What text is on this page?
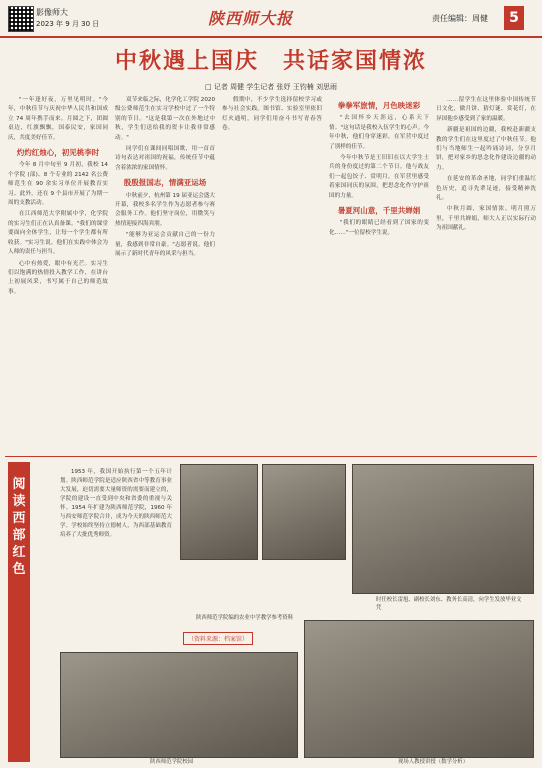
影像师大
2023 年 9 月 30 日	陕西师大报	责任编辑：周健	5
中秋遇上国庆　共话家国情浓
□ 记者 周健 学生记者 张妤 王钧楠 刘思雨

"一年逢好夜，万里见明时。"今年，中秋佳节与庆祝中华人民共和国成立 74 周年携手而来。月圆之下，团圆桌边，红旗飘飘，国泰民安，家国同庆，共度美好佳节。

灼灼红烛心，初见桃李时

今年 8 月中旬至 9 月初，我校 14 个学院 (部)、8 个专业的 2142 名公费师范生在 90 余实习单位开展教育实习。此外，还在 9 个县市开展了为期一周的支教活动。

在江西师范大学附属中学，化学院的实习生们正在认真备课。"我们的课堂要面向全体学生，让每一个学生都有所收获。"实习生说。他们在实践中体会为人师的责任与担当。

心中有热爱，眼中有光芒。实习生们以饱满的热情投入教学工作，在讲台上初展风采，书写属于自己的师范故事。

双节来临之际，化学化工学院 2020 级公费师范生在实习学校中过了一个特别的节日。"这是我第一次在外地过中秋，学生们送给我的贺卡让我非常感动。"

同学们在课间同唱国歌，用一首首诗句表达对祖国的祝福，传统佳节中蕴含着浓浓的家国情怀。

殷殷报国志，情满亚运场

中秋前夕，杭州第 19 届亚运会盛大开幕，我校多名学生作为志愿者参与赛会服务工作。他们坚守岗位，用微笑与热情迎接四海宾朋。

"能够为亚运会贡献自己的一份力量，我感到非常自豪。"志愿者说。他们展示了新时代青年的风采与担当。

假期中，不少学生选择留校学习或参与社会实践。图书馆、实验室里依旧灯火通明，同学们用奋斗书写青春答卷。

拳拳军旅情，月色映迷彩

"去国怀乡天涯远，心系天下情。"这句话是我校入伍学生的心声。今年中秋，他们身穿迷彩，在军营中度过了别样的佳节。

今年中秋节是王旧旧在以大学生士兵的身份度过的第二个节日。他与战友们一起包饺子、赏明月，在军营里感受着家国同庆的氛围，把思念化作守护祖国的力量。

暑夏河山意，千里共婵娟

"我们的眼睛已经看到了国家的变化……"一位留校学生说。

……留学生在这里体验中国传统节日文化，做月饼、猜灯谜、赏花灯，在异国他乡感受到了家的温暖。

新疆是祖国的边疆，我校赴新疆支教的学生们在这里度过了中秋佳节。他们与当地师生一起吟诵诗词，分享月饼，把对家乡的思念化作建设边疆的动力。

在延安的革命圣地，同学们重温红色历史，追寻先辈足迹，接受精神洗礼。

中秋月圆，家国情浓。明月照万里，千里共婵娟，师大人正以实际行动为祖国献礼。

阅读西部红色

1953 年，我国开始执行第一个五年计划。陕西师范学院是适应陕西省中等教育事业大发展，迫切需要大量师资的需要而建立的，学院的建设一直受到中央和省委的重视与关怀。1954 年扩建为陕西师范学院，1960 年与西安师范学院合并，成为今天的陕西师范大学。学校始终坚持立德树人，为西部基础教育培养了大批优秀师资。

陕西师范学院编的农业中学教学参考资料
（资料来源：档案馆）
时任校长雷旭、副校长刘东、教务长高清，向学生发放毕业文凭
陕西师范学院校园	现场人教授讲授（数学分析）
